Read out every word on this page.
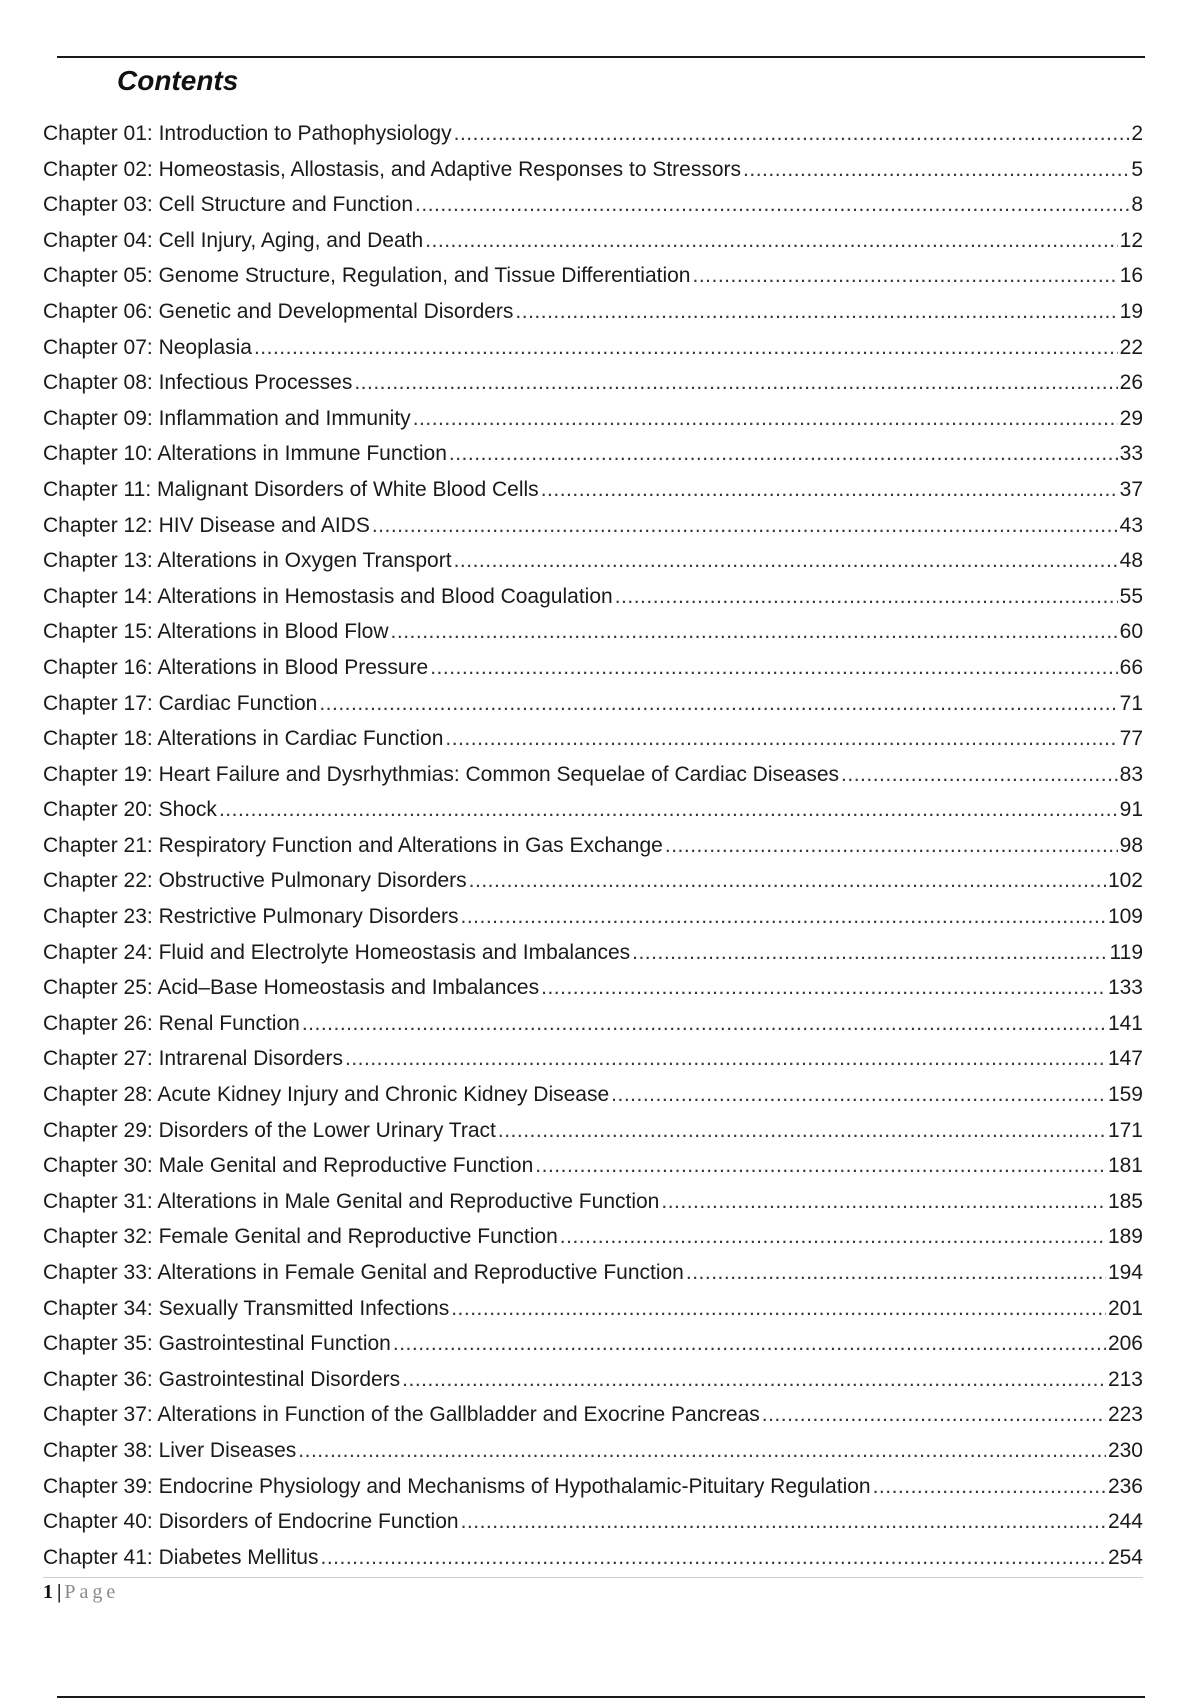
Contents
Chapter 01: Introduction to Pathophysiology .....	2
Chapter 02: Homeostasis, Allostasis, and Adaptive Responses to Stressors .....	5
Chapter 03: Cell Structure and Function .....	8
Chapter 04: Cell Injury, Aging, and Death .....	12
Chapter 05: Genome Structure, Regulation, and Tissue Differentiation .....	16
Chapter 06: Genetic and Developmental Disorders .....	19
Chapter 07: Neoplasia .....	22
Chapter 08: Infectious Processes .....	26
Chapter 09: Inflammation and Immunity .....	29
Chapter 10: Alterations in Immune Function .....	33
Chapter 11: Malignant Disorders of White Blood Cells .....	37
Chapter 12: HIV Disease and AIDS .....	43
Chapter 13: Alterations in Oxygen Transport .....	48
Chapter 14: Alterations in Hemostasis and Blood Coagulation .....	55
Chapter 15: Alterations in Blood Flow .....	60
Chapter 16: Alterations in Blood Pressure .....	66
Chapter 17: Cardiac Function .....	71
Chapter 18: Alterations in Cardiac Function .....	77
Chapter 19: Heart Failure and Dysrhythmias: Common Sequelae of Cardiac Diseases .....	83
Chapter 20: Shock .....	91
Chapter 21: Respiratory Function and Alterations in Gas Exchange .....	98
Chapter 22: Obstructive Pulmonary Disorders .....	102
Chapter 23: Restrictive Pulmonary Disorders .....	109
Chapter 24: Fluid and Electrolyte Homeostasis and Imbalances .....	119
Chapter 25: Acid–Base Homeostasis and Imbalances .....	133
Chapter 26: Renal Function .....	141
Chapter 27: Intrarenal Disorders .....	147
Chapter 28: Acute Kidney Injury and Chronic Kidney Disease .....	159
Chapter 29: Disorders of the Lower Urinary Tract .....	171
Chapter 30: Male Genital and Reproductive Function .....	181
Chapter 31: Alterations in Male Genital and Reproductive Function .....	185
Chapter 32: Female Genital and Reproductive Function .....	189
Chapter 33: Alterations in Female Genital and Reproductive Function .....	194
Chapter 34: Sexually Transmitted Infections .....	201
Chapter 35: Gastrointestinal Function .....	206
Chapter 36: Gastrointestinal Disorders .....	213
Chapter 37: Alterations in Function of the Gallbladder and Exocrine Pancreas .....	223
Chapter 38: Liver Diseases .....	230
Chapter 39: Endocrine Physiology and Mechanisms of Hypothalamic-Pituitary Regulation .....	236
Chapter 40: Disorders of Endocrine Function .....	244
Chapter 41: Diabetes Mellitus .....	254
1 | Page
